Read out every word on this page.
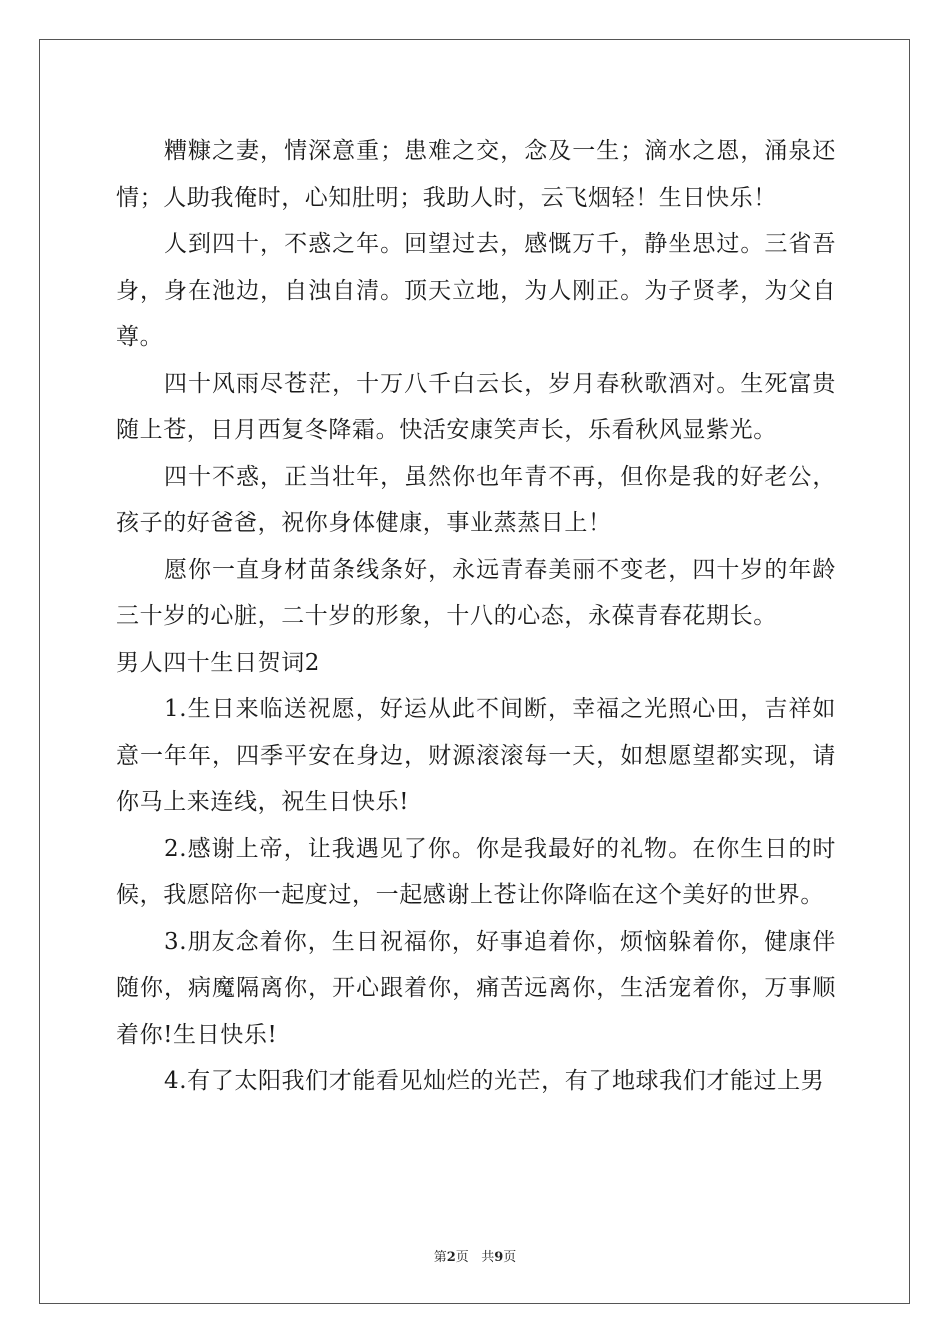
糟糠之妻，情深意重；患难之交，念及一生；滴水之恩，涌泉还情；人助我俺时，心知肚明；我助人时，云飞烟轻！生日快乐！

人到四十，不惑之年。回望过去，感慨万千，静坐思过。三省吾身，身在池边，自浊自清。顶天立地，为人刚正。为子贤孝，为父自尊。

四十风雨尽苍茫，十万八千白云长，岁月春秋歌酒对。生死富贵随上苍，日月西复冬降霜。快活安康笑声长，乐看秋风显紫光。

四十不惑，正当壮年，虽然你也年青不再，但你是我的好老公，孩子的好爸爸，祝你身体健康，事业蒸蒸日上！

愿你一直身材苗条线条好，永远青春美丽不变老，四十岁的年龄三十岁的心脏，二十岁的形象，十八的心态，永葆青春花期长。

男人四十生日贺词2

1.生日来临送祝愿，好运从此不间断，幸福之光照心田，吉祥如意一年年，四季平安在身边，财源滚滚每一天，如想愿望都实现，请你马上来连线，祝生日快乐!

2.感谢上帝，让我遇见了你。你是我最好的礼物。在你生日的时候，我愿陪你一起度过，一起感谢上苍让你降临在这个美好的世界。

3.朋友念着你，生日祝福你，好事追着你，烦恼躲着你，健康伴随你，病魔隔离你，开心跟着你，痛苦远离你，生活宠着你，万事顺着你!生日快乐!

4.有了太阳我们才能看见灿烂的光芒，有了地球我们才能过上男

第2页 共9页
